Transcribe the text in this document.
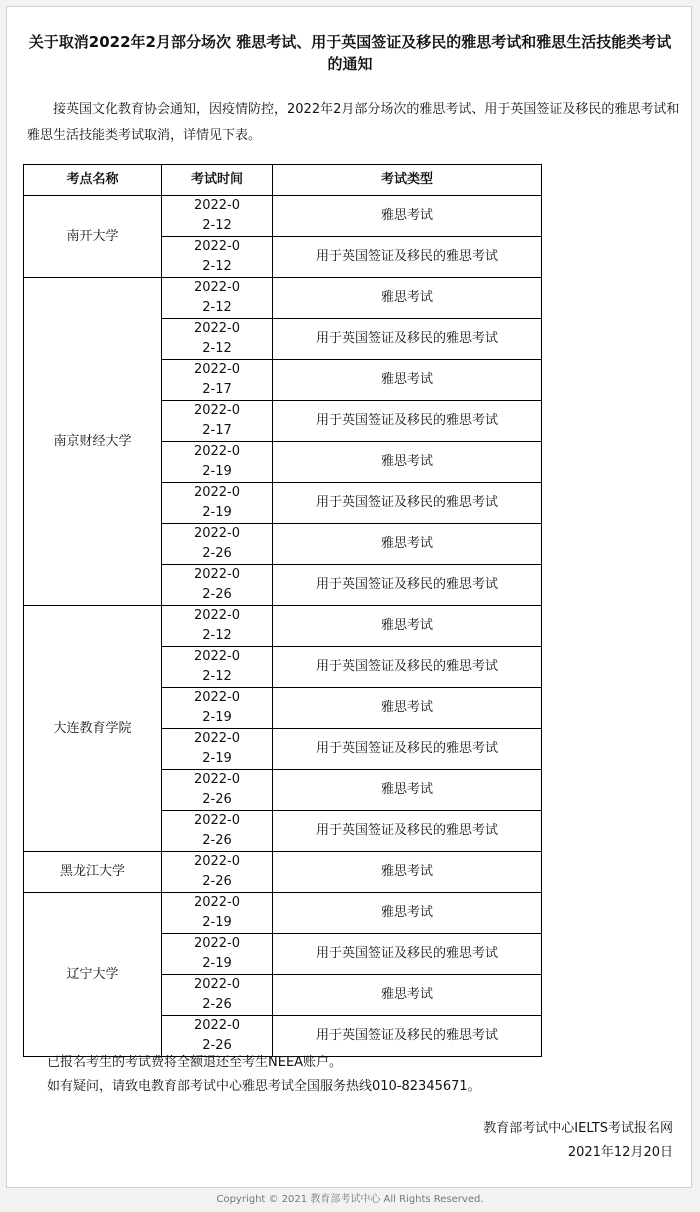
关于取消2022年2月部分场次 雅思考试、用于英国签证及移民的雅思考试和雅思生活技能类考试的通知
接英国文化教育协会通知，因疫情防控，2022年2月部分场次的雅思考试、用于英国签证及移民的雅思考试和雅思生活技能类考试取消，详情见下表。
考点名称	考试时间	考试类型
南开大学	2022-02-12	雅思考试
	2022-02-12	用于英国签证及移民的雅思考试
南京财经大学	2022-02-12	雅思考试
	2022-02-12	用于英国签证及移民的雅思考试
	2022-02-17	雅思考试
	2022-02-17	用于英国签证及移民的雅思考试
	2022-02-19	雅思考试
	2022-02-19	用于英国签证及移民的雅思考试
	2022-02-26	雅思考试
	2022-02-26	用于英国签证及移民的雅思考试
大连教育学院	2022-02-12	雅思考试
	2022-02-12	用于英国签证及移民的雅思考试
	2022-02-19	雅思考试
	2022-02-19	用于英国签证及移民的雅思考试
	2022-02-26	雅思考试
	2022-02-26	用于英国签证及移民的雅思考试
黑龙江大学	2022-02-26	雅思考试
辽宁大学	2022-02-19	雅思考试
	2022-02-19	用于英国签证及移民的雅思考试
	2022-02-26	雅思考试
	2022-02-26	用于英国签证及移民的雅思考试
已报名考生的考试费将全额退还至考生NEEA账户。
如有疑问，请致电教育部考试中心雅思考试全国服务热线010-82345671。
教育部考试中心IELTS考试报名网
2021年12月20日
Copyright © 2021 教育部考试中心 All Rights Reserved.
